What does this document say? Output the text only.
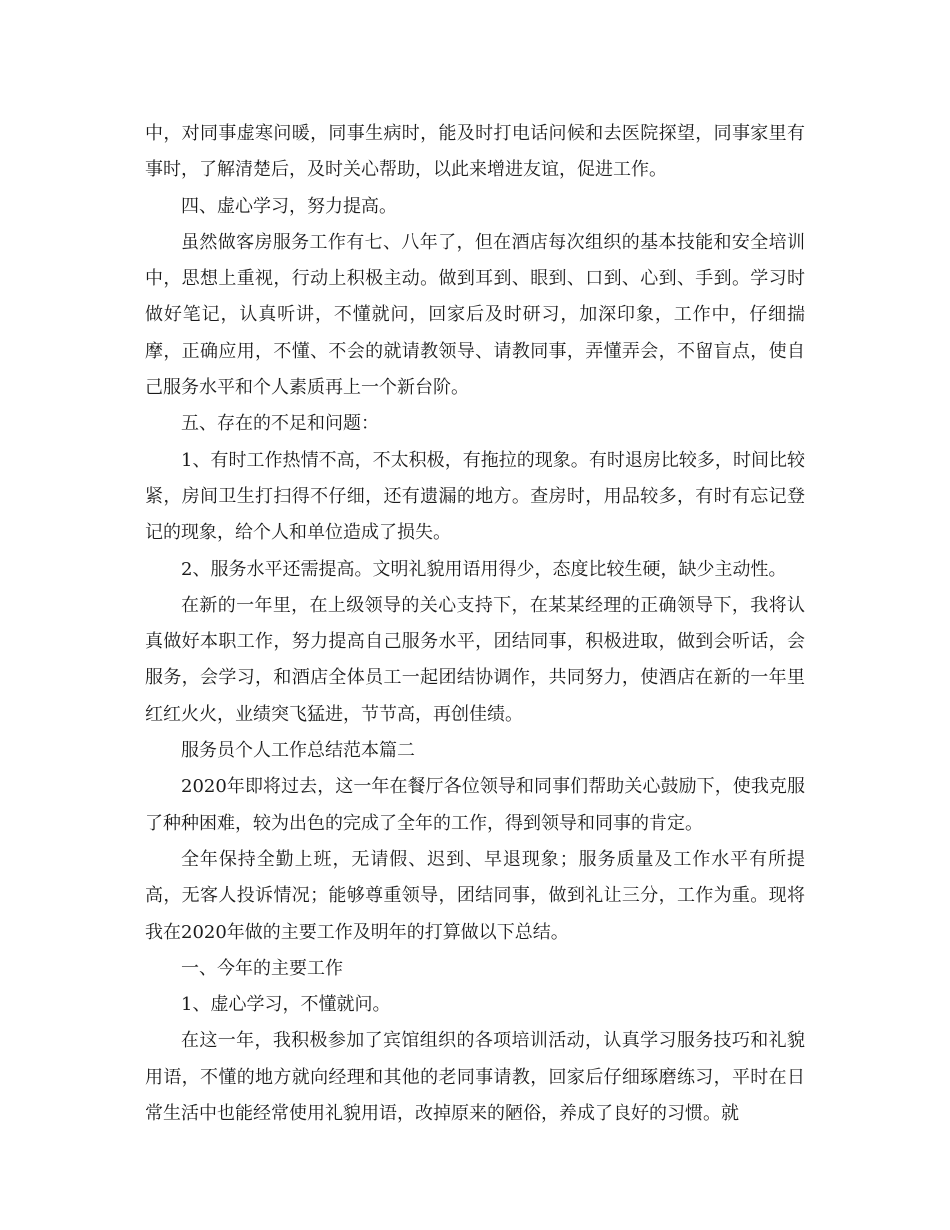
中，对同事虚寒问暖，同事生病时，能及时打电话问候和去医院探望，同事家里有事时，了解清楚后，及时关心帮助，以此来增进友谊，促进工作。

四、虚心学习，努力提高。

虽然做客房服务工作有七、八年了，但在酒店每次组织的基本技能和安全培训中，思想上重视，行动上积极主动。做到耳到、眼到、口到、心到、手到。学习时做好笔记，认真听讲，不懂就问，回家后及时研习，加深印象，工作中，仔细揣摩，正确应用，不懂、不会的就请教领导、请教同事，弄懂弄会，不留盲点，使自己服务水平和个人素质再上一个新台阶。

五、存在的不足和问题：

1、有时工作热情不高，不太积极，有拖拉的现象。有时退房比较多，时间比较紧，房间卫生打扫得不仔细，还有遗漏的地方。查房时，用品较多，有时有忘记登记的现象，给个人和单位造成了损失。

2、服务水平还需提高。文明礼貌用语用得少，态度比较生硬，缺少主动性。

在新的一年里，在上级领导的关心支持下，在某某经理的正确领导下，我将认真做好本职工作，努力提高自己服务水平，团结同事，积极进取，做到会听话，会服务，会学习，和酒店全体员工一起团结协调作，共同努力，使酒店在新的一年里红红火火，业绩突飞猛进，节节高，再创佳绩。

服务员个人工作总结范本篇二

2020年即将过去，这一年在餐厅各位领导和同事们帮助关心鼓励下，使我克服了种种困难，较为出色的完成了全年的工作，得到领导和同事的肯定。

全年保持全勤上班，无请假、迟到、早退现象；服务质量及工作水平有所提高，无客人投诉情况；能够尊重领导，团结同事，做到礼让三分，工作为重。现将我在2020年做的主要工作及明年的打算做以下总结。

一、今年的主要工作

1、虚心学习，不懂就问。

在这一年，我积极参加了宾馆组织的各项培训活动，认真学习服务技巧和礼貌用语，不懂的地方就向经理和其他的老同事请教，回家后仔细琢磨练习，平时在日常生活中也能经常使用礼貌用语，改掉原来的陋俗，养成了良好的习惯。就
